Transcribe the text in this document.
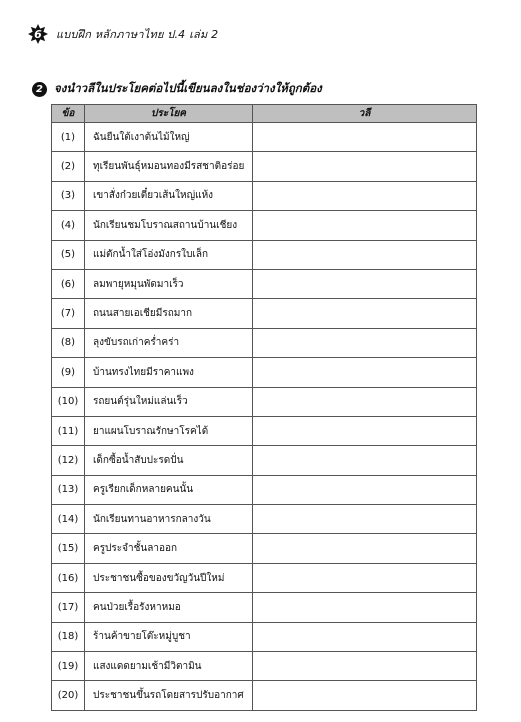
6 แบบฝึก หลักภาษาไทย ป.4 เล่ม 2
2 จงนำวลีในประโยคต่อไปนี้เขียนลงในช่องว่างให้ถูกต้อง
ข้อ	ประโยค	วลี
(1)	ฉันยืนใต้เงาต้นไม้ใหญ่	
(2)	ทุเรียนพันธุ์หมอนทองมีรสชาติอร่อย	
(3)	เขาสั่งก๋วยเตี๋ยวเส้นใหญ่แห้ง	
(4)	นักเรียนชมโบราณสถานบ้านเชียง	
(5)	แม่ตักน้ำใส่โอ่งมังกรใบเล็ก	
(6)	ลมพายุหมุนพัดมาเร็ว	
(7)	ถนนสายเอเชียมีรถมาก	
(8)	ลุงขับรถเก่าคร่ำคร่า	
(9)	บ้านทรงไทยมีราคาแพง	
(10)	รถยนต์รุ่นใหม่แล่นเร็ว	
(11)	ยาแผนโบราณรักษาโรคได้	
(12)	เด็กซื้อน้ำสับปะรดปั่น	
(13)	ครูเรียกเด็กหลายคนนั้น	
(14)	นักเรียนทานอาหารกลางวัน	
(15)	ครูประจำชั้นลาออก	
(16)	ประชาชนซื้อของขวัญวันปีใหม่	
(17)	คนป่วยเรื้อรังหาหมอ	
(18)	ร้านค้าขายโต๊ะหมู่บูชา	
(19)	แสงแดดยามเช้ามีวิตามิน	
(20)	ประชาชนขึ้นรถโดยสารปรับอากาศ	
